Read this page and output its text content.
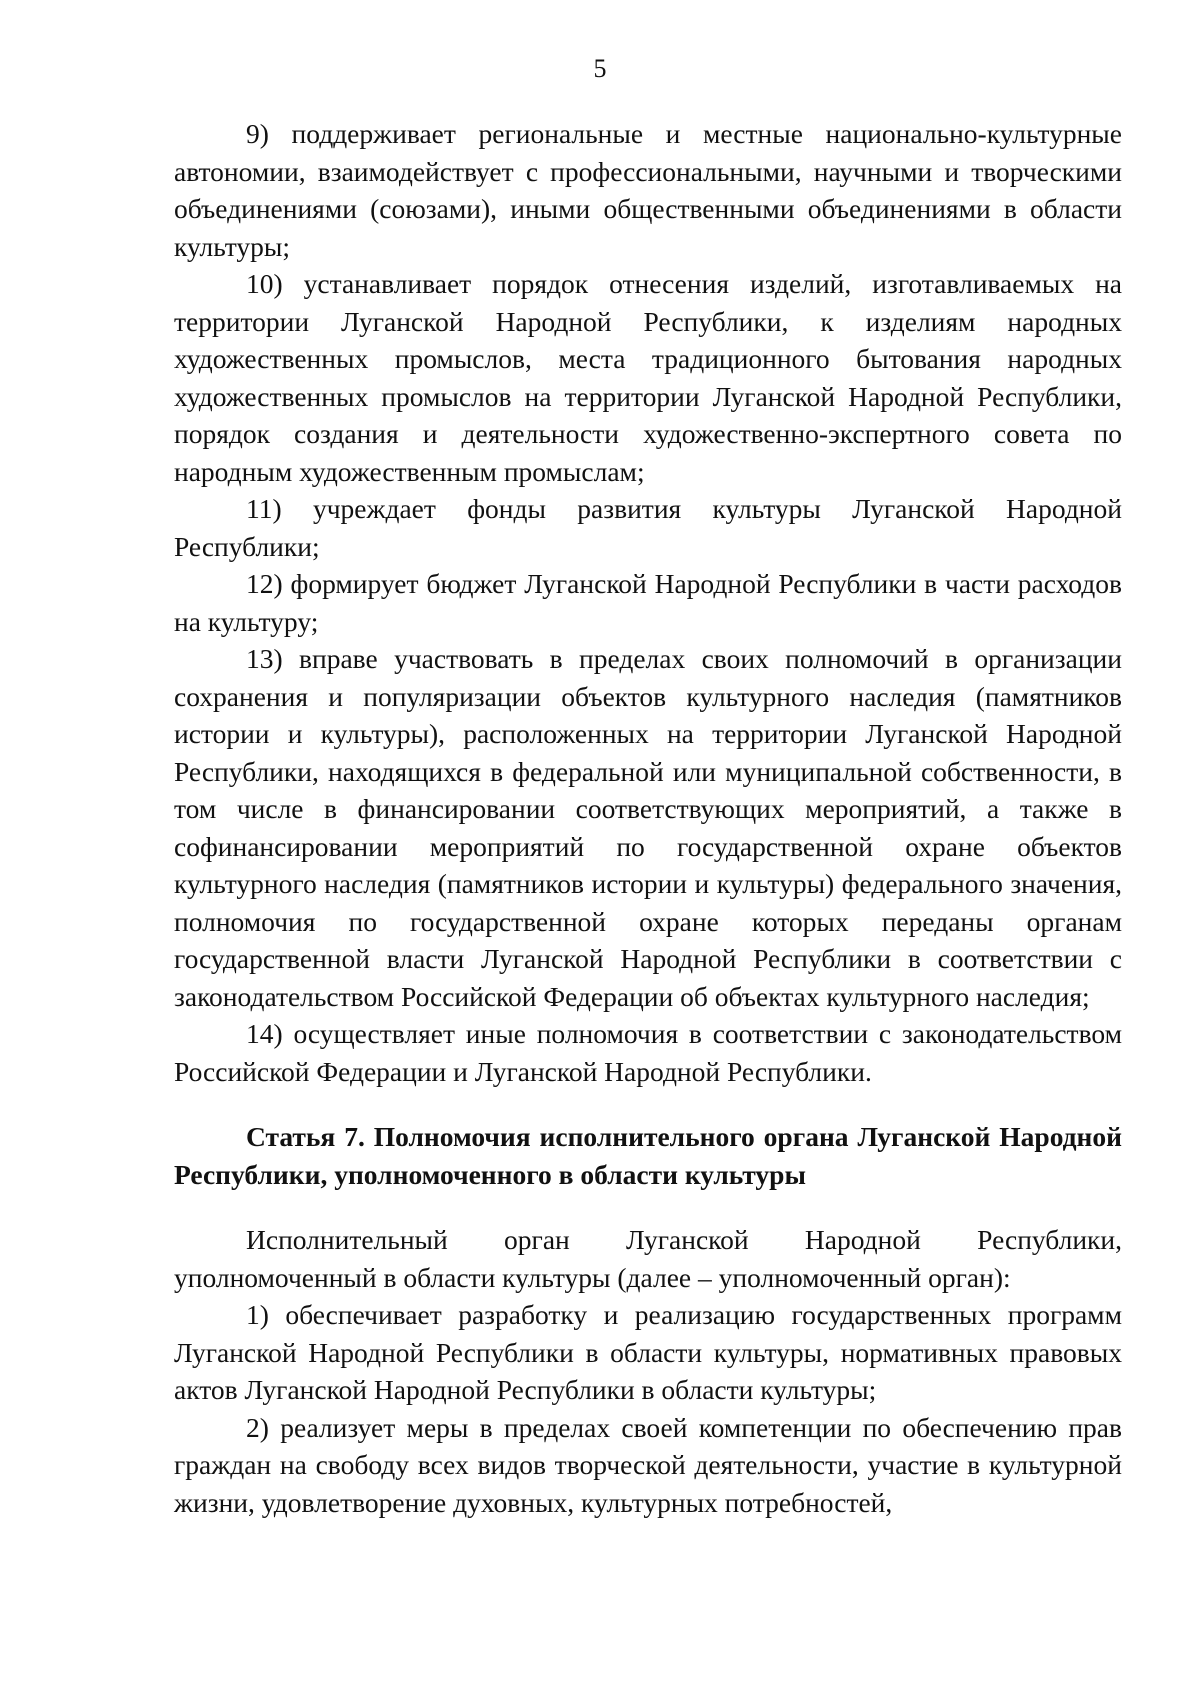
5

9) поддерживает региональные и местные национально-культурные автономии, взаимодействует с профессиональными, научными и творческими объединениями (союзами), иными общественными объединениями в области культуры;

10) устанавливает порядок отнесения изделий, изготавливаемых на территории Луганской Народной Республики, к изделиям народных художественных промыслов, места традиционного бытования народных художественных промыслов на территории Луганской Народной Республики, порядок создания и деятельности художественно-экспертного совета по народным художественным промыслам;

11) учреждает фонды развития культуры Луганской Народной Республики;

12) формирует бюджет Луганской Народной Республики в части расходов на культуру;

13) вправе участвовать в пределах своих полномочий в организации сохранения и популяризации объектов культурного наследия (памятников истории и культуры), расположенных на территории Луганской Народной Республики, находящихся в федеральной или муниципальной собственности, в том числе в финансировании соответствующих мероприятий, а также в софинансировании мероприятий по государственной охране объектов культурного наследия (памятников истории и культуры) федерального значения, полномочия по государственной охране которых переданы органам государственной власти Луганской Народной Республики в соответствии с законодательством Российской Федерации об объектах культурного наследия;

14) осуществляет иные полномочия в соответствии с законодательством Российской Федерации и Луганской Народной Республики.

Статья 7. Полномочия исполнительного органа Луганской Народной Республики, уполномоченного в области культуры

Исполнительный орган Луганской Народной Республики, уполномоченный в области культуры (далее – уполномоченный орган):

1) обеспечивает разработку и реализацию государственных программ Луганской Народной Республики в области культуры, нормативных правовых актов Луганской Народной Республики в области культуры;

2) реализует меры в пределах своей компетенции по обеспечению прав граждан на свободу всех видов творческой деятельности, участие в культурной жизни, удовлетворение духовных, культурных потребностей,
